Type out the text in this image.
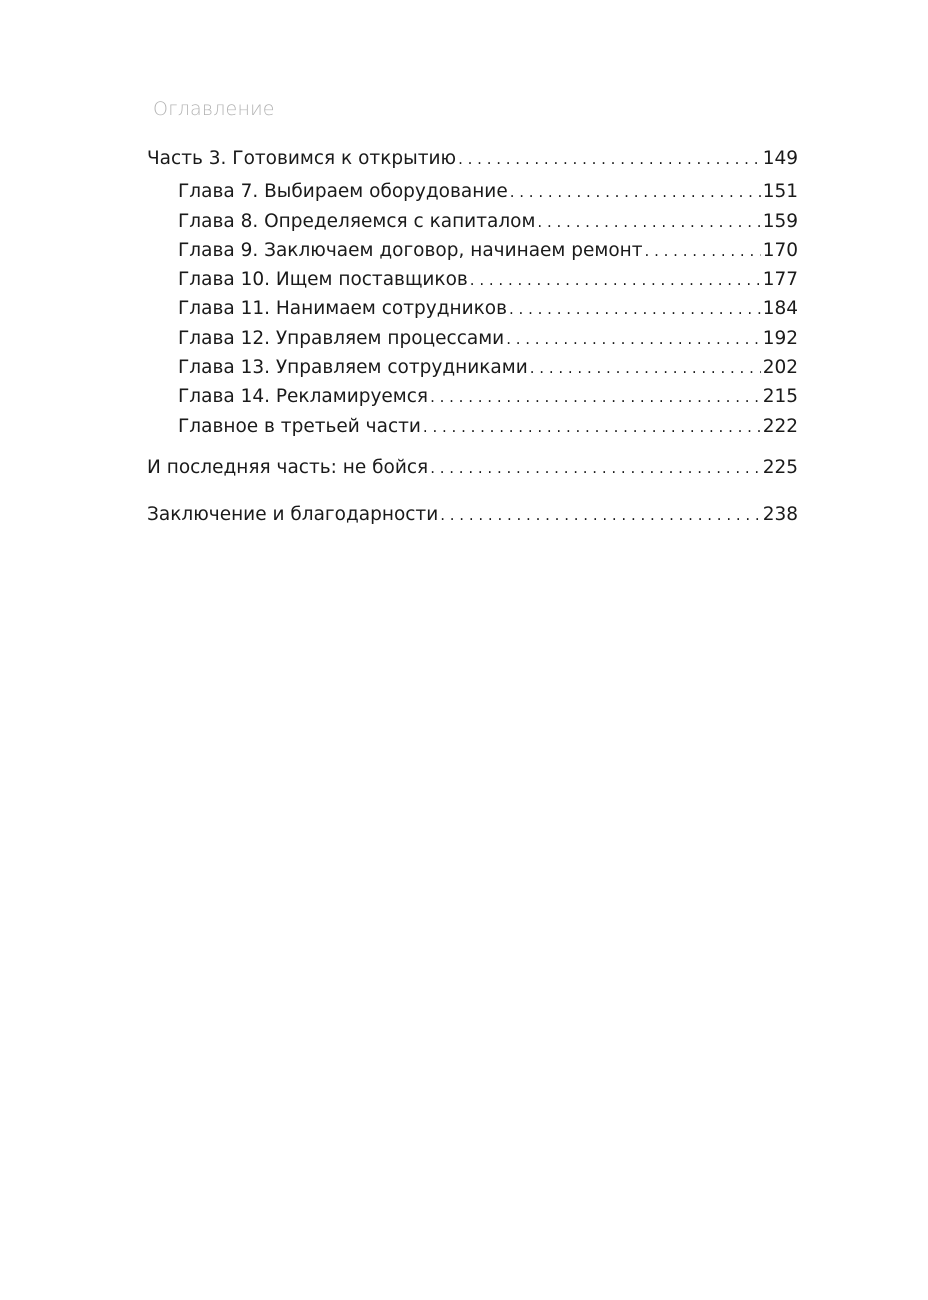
Оглавление
Часть 3. Готовимся к открытию . . .	149
Глава 7. Выбираем оборудование . . .	151
Глава 8. Определяемся с капиталом . . .	159
Глава 9. Заключаем договор, начинаем ремонт . . .	170
Глава 10. Ищем поставщиков . . .	177
Глава 11. Нанимаем сотрудников . . .	184
Глава 12. Управляем процессами . . .	192
Глава 13. Управляем сотрудниками . . .	202
Глава 14. Рекламируемся . . .	215
Главное в третьей части . . .	222
И последняя часть: не бойся . . .	225
Заключение и благодарности . . .	238
